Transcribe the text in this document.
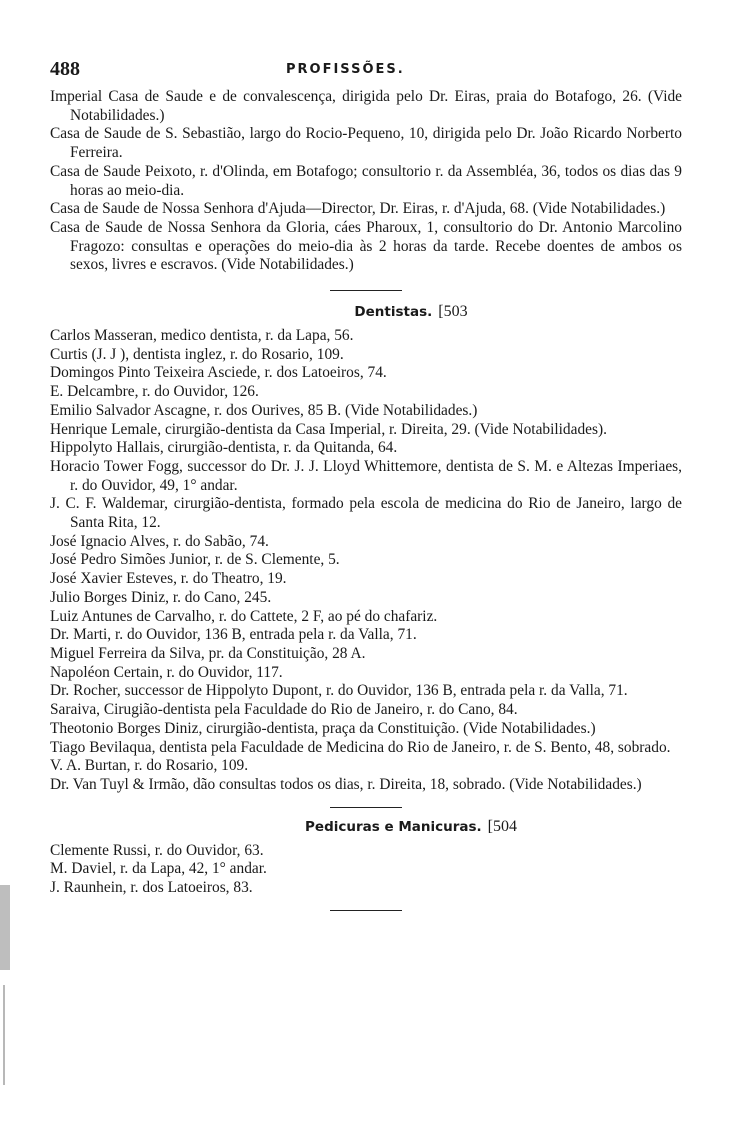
488	PROFISSÕES.

Imperial Casa de Saude e de convalescença, dirigida pelo Dr. Eiras, praia do Botafogo, 26. (Vide Notabilidades.)

Casa de Saude de S. Sebastião, largo do Rocio-Pequeno, 10, dirigida pelo Dr. João Ricardo Norberto Ferreira.

Casa de Saude Peixoto, r. d'Olinda, em Botafogo; consultorio r. da Assembléa, 36, todos os dias das 9 horas ao meio-dia.

Casa de Saude de Nossa Senhora d'Ajuda—Director, Dr. Eiras, r. d'Ajuda, 68. (Vide Notabilidades.)

Casa de Saude de Nossa Senhora da Gloria, cáes Pharoux, 1, consultorio do Dr. Antonio Marcolino Fragozo: consultas e operações do meio-dia às 2 horas da tarde. Recebe doentes de ambos os sexos, livres e escravos. (Vide Notabilidades.)

Dentistas. [503

Carlos Masseran, medico dentista, r. da Lapa, 56.

Curtis (J. J ), dentista inglez, r. do Rosario, 109.

Domingos Pinto Teixeira Asciede, r. dos Latoeiros, 74.

E. Delcambre, r. do Ouvidor, 126.

Emilio Salvador Ascagne, r. dos Ourives, 85 B. (Vide Notabilidades.)

Henrique Lemale, cirurgião-dentista da Casa Imperial, r. Direita, 29. (Vide Notabilidades).

Hippolyto Hallais, cirurgião-dentista, r. da Quitanda, 64.

Horacio Tower Fogg, successor do Dr. J. J. Lloyd Whittemore, dentista de S. M. e Altezas Imperiaes, r. do Ouvidor, 49, 1° andar.

J. C. F. Waldemar, cirurgião-dentista, formado pela escola de medicina do Rio de Janeiro, largo de Santa Rita, 12.

José Ignacio Alves, r. do Sabão, 74.

José Pedro Simões Junior, r. de S. Clemente, 5.

José Xavier Esteves, r. do Theatro, 19.

Julio Borges Diniz, r. do Cano, 245.

Luiz Antunes de Carvalho, r. do Cattete, 2 F, ao pé do chafariz.

Dr. Marti, r. do Ouvidor, 136 B, entrada pela r. da Valla, 71.

Miguel Ferreira da Silva, pr. da Constituição, 28 A.

Napoléon Certain, r. do Ouvidor, 117.

Dr. Rocher, successor de Hippolyto Dupont, r. do Ouvidor, 136 B, entrada pela r. da Valla, 71.

Saraiva, Cirugião-dentista pela Faculdade do Rio de Janeiro, r. do Cano, 84.

Theotonio Borges Diniz, cirurgião-dentista, praça da Constituição. (Vide Notabilidades.)

Tiago Bevilaqua, dentista pela Faculdade de Medicina do Rio de Janeiro, r. de S. Bento, 48, sobrado.

V. A. Burtan, r. do Rosario, 109.

Dr. Van Tuyl & Irmão, dão consultas todos os dias, r. Direita, 18, sobrado. (Vide Notabilidades.)

Pedicuras e Manicuras. [504

Clemente Russi, r. do Ouvidor, 63.

M. Daviel, r. da Lapa, 42, 1° andar.

J. Raunhein, r. dos Latoeiros, 83.
